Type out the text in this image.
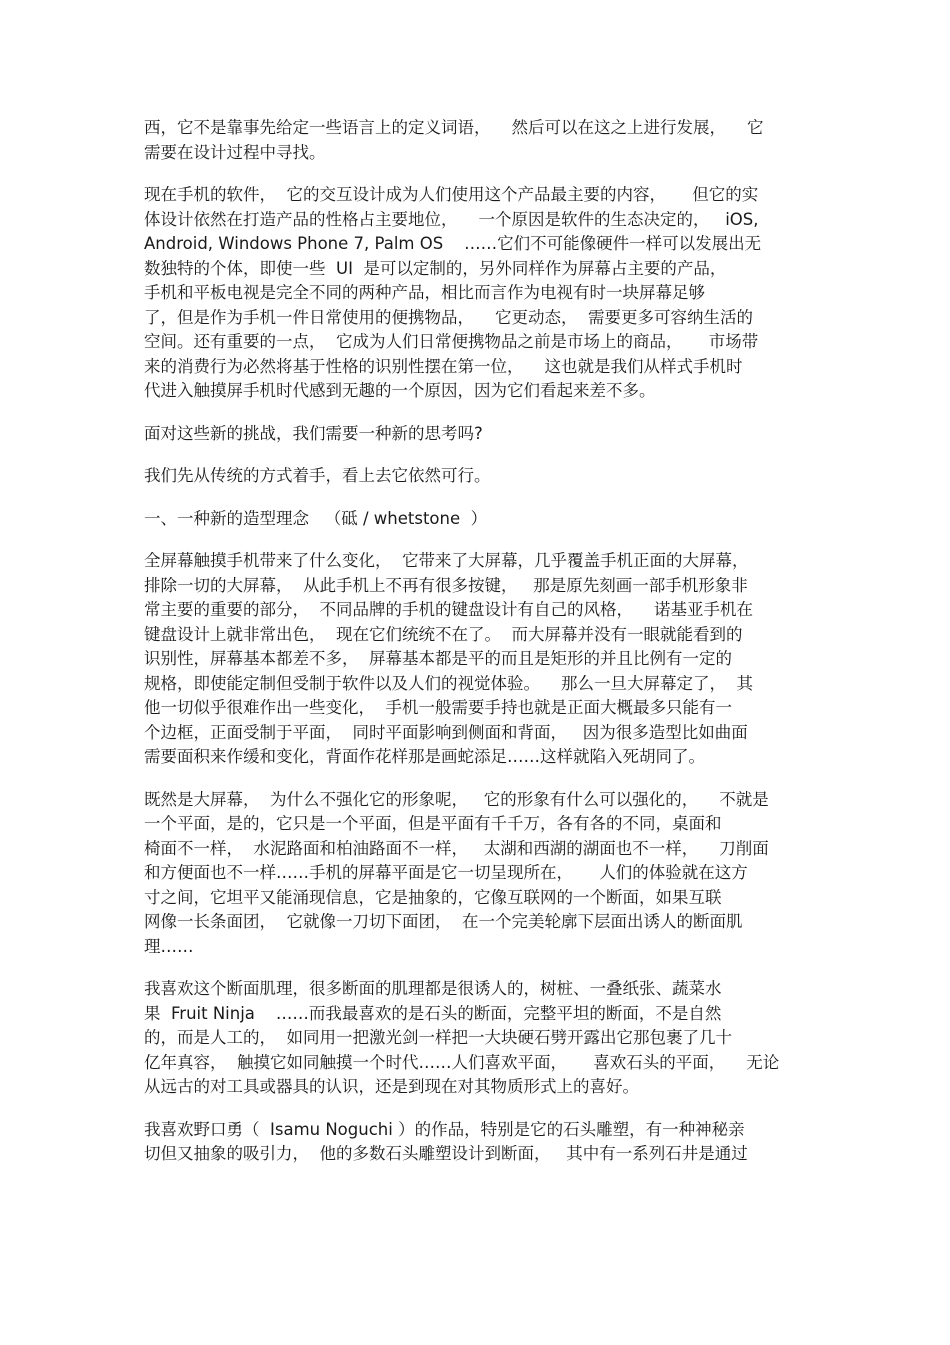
西，它不是靠事先给定一些语言上的定义词语，    然后可以在这之上进行发展，    它
需要在设计过程中寻找。
现在手机的软件，  它的交互设计成为人们使用这个产品最主要的内容，     但它的实
体设计依然在打造产品的性格占主要地位，    一个原因是软件的生态决定的，   iOS,
Android, Windows Phone 7, Palm OS    ……它们不可能像硬件一样可以发展出无
数独特的个体，即使一些  UI  是可以定制的，另外同样作为屏幕占主要的产品，
手机和平板电视是完全不同的两种产品，相比而言作为电视有时一块屏幕足够
了，但是作为手机一件日常使用的便携物品，    它更动态，  需要更多可容纳生活的
空间。还有重要的一点，  它成为人们日常便携物品之前是市场上的商品，     市场带
来的消费行为必然将基于性格的识别性摆在第一位，    这也就是我们从样式手机时
代进入触摸屏手机时代感到无趣的一个原因，因为它们看起来差不多。
面对这些新的挑战，我们需要一种新的思考吗?
我们先从传统的方式着手，看上去它依然可行。
一、一种新的造型理念   （砥 / whetstone  ）
全屏幕触摸手机带来了什么变化，  它带来了大屏幕，几乎覆盖手机正面的大屏幕，
排除一切的大屏幕，  从此手机上不再有很多按键，   那是原先刻画一部手机形象非
常主要的重要的部分，  不同品牌的手机的键盘设计有自己的风格，    诺基亚手机在
键盘设计上就非常出色，  现在它们统统不在了。  而大屏幕并没有一眼就能看到的
识别性，屏幕基本都差不多，  屏幕基本都是平的而且是矩形的并且比例有一定的
规格，即使能定制但受制于软件以及人们的视觉体验。    那么一旦大屏幕定了，  其
他一切似乎很难作出一些变化，  手机一般需要手持也就是正面大概最多只能有一
个边框，正面受制于平面，  同时平面影响到侧面和背面，   因为很多造型比如曲面
需要面积来作缓和变化，背面作花样那是画蛇添足……这样就陷入死胡同了。
既然是大屏幕，  为什么不强化它的形象呢，   它的形象有什么可以强化的，    不就是
一个平面，是的，它只是一个平面，但是平面有千千万，各有各的不同，桌面和
椅面不一样，  水泥路面和柏油路面不一样，   太湖和西湖的湖面也不一样，    刀削面
和方便面也不一样……手机的屏幕平面是它一切呈现所在，     人们的体验就在这方
寸之间，它坦平又能涌现信息，它是抽象的，它像互联网的一个断面，如果互联
网像一长条面团，  它就像一刀切下面团，  在一个完美轮廓下层面出诱人的断面肌
理……
我喜欢这个断面肌理，很多断面的肌理都是很诱人的，树桩、一叠纸张、蔬菜水
果  Fruit Ninja    ……而我最喜欢的是石头的断面，完整平坦的断面，不是自然
的，而是人工的，  如同用一把激光剑一样把一大块硬石劈开露出它那包裹了几十
亿年真容，  触摸它如同触摸一个时代……人们喜欢平面，     喜欢石头的平面，    无论
从远古的对工具或器具的认识，还是到现在对其物质形式上的喜好。
我喜欢野口勇（  Isamu Noguchi ）的作品，特别是它的石头雕塑，有一种神秘亲
切但又抽象的吸引力，  他的多数石头雕塑设计到断面，   其中有一系列石井是通过
